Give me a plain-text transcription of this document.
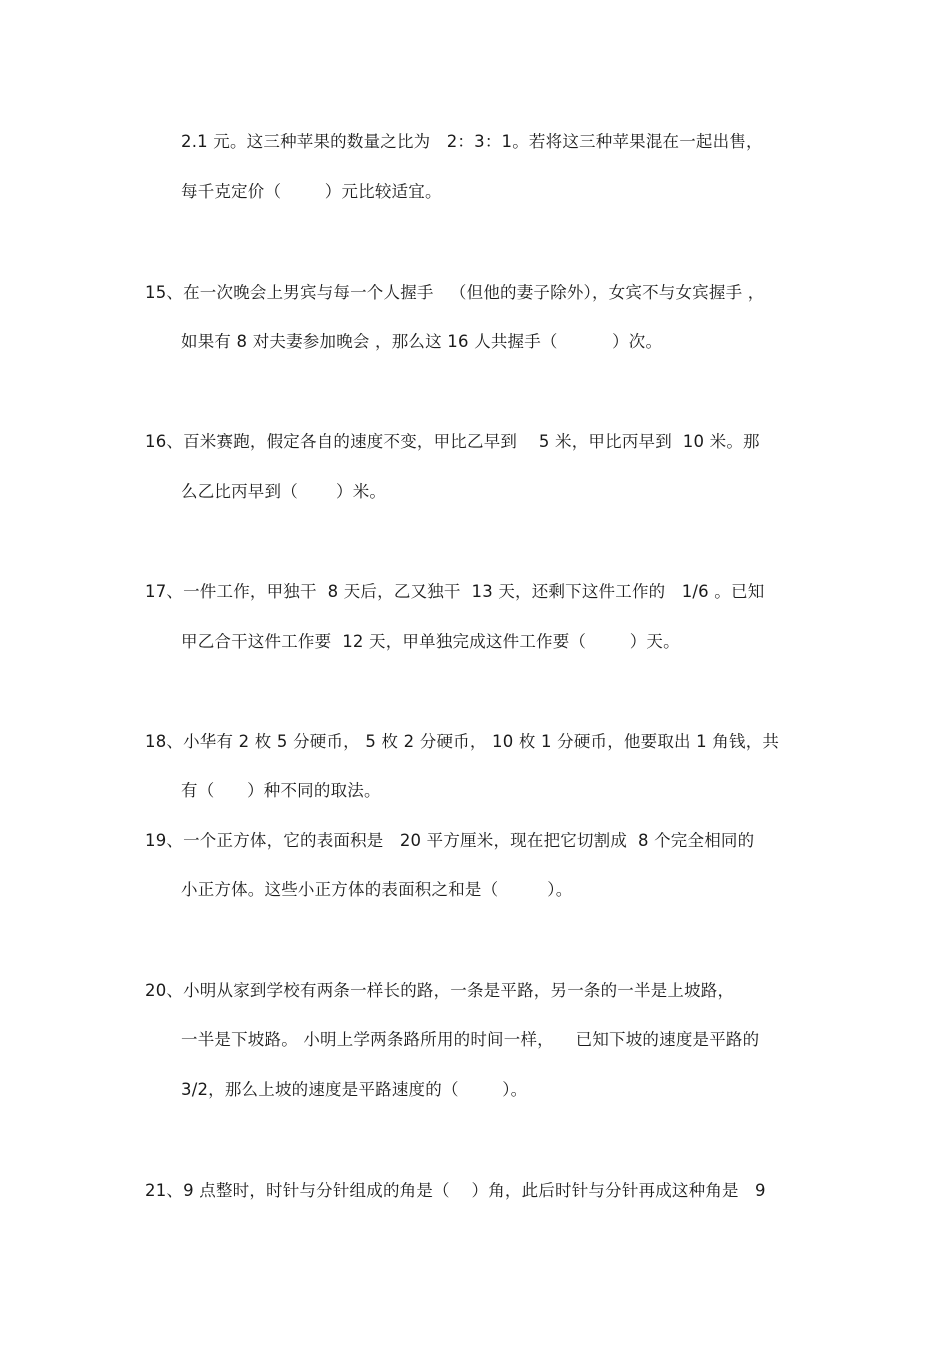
2.1 元。这三种苹果的数量之比为   2：3：1。若将这三种苹果混在一起出售，
每千克定价（        ）元比较适宜。
15、在一次晚会上男宾与每一个人握手   （但他的妻子除外），女宾不与女宾握手 ，
如果有 8 对夫妻参加晚会 ，那么这 16 人共握手（          ）次。
16、百米赛跑，假定各自的速度不变，甲比乙早到    5 米，甲比丙早到  10 米。那
么乙比丙早到（       ）米。
17、一件工作，甲独干  8 天后，乙又独干  13 天，还剩下这件工作的   1/6 。已知
甲乙合干这件工作要  12 天，甲单独完成这件工作要（        ）天。
18、小华有 2 枚 5 分硬币， 5 枚 2 分硬币， 10 枚 1 分硬币，他要取出 1 角钱，共
有（      ）种不同的取法。
19、一个正方体，它的表面积是   20 平方厘米，现在把它切割成  8 个完全相同的
小正方体。这些小正方体的表面积之和是（         ）。
20、小明从家到学校有两条一样长的路，一条是平路，另一条的一半是上坡路，
一半是下坡路。 小明上学两条路所用的时间一样，    已知下坡的速度是平路的
3/2，那么上坡的速度是平路速度的（        ）。
21、9 点整时，时针与分针组成的角是（    ）角，此后时针与分针再成这种角是   9
